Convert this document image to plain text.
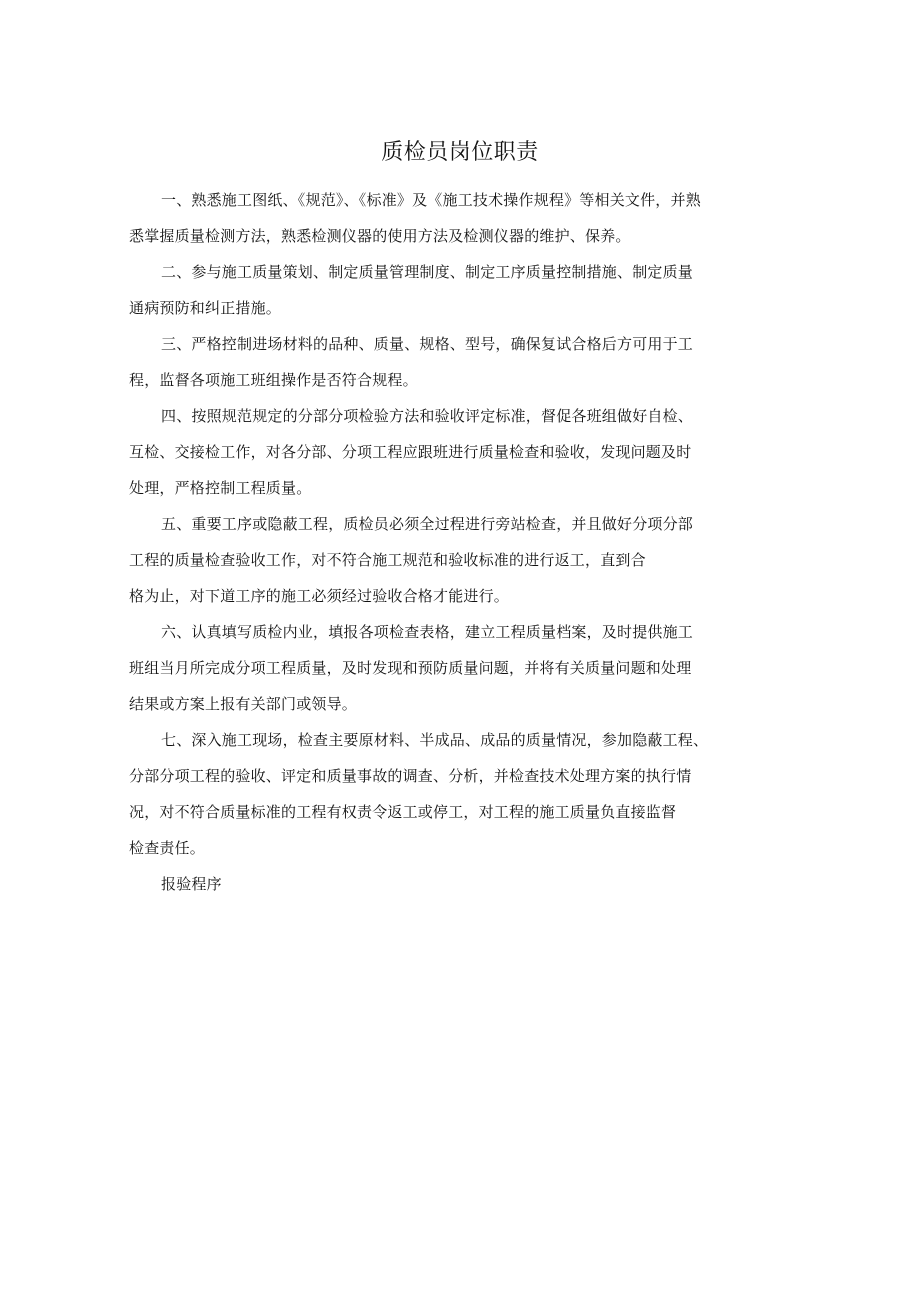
质检员岗位职责
一、熟悉施工图纸、《规范》、《标准》及《施工技术操作规程》等相关文件，并熟
悉掌握质量检测方法，熟悉检测仪器的使用方法及检测仪器的维护、保养。
二、参与施工质量策划、制定质量管理制度、制定工序质量控制措施、制定质量
通病预防和纠正措施。
三、严格控制进场材料的品种、质量、规格、型号，确保复试合格后方可用于工
程，监督各项施工班组操作是否符合规程。
四、按照规范规定的分部分项检验方法和验收评定标准，督促各班组做好自检、
互检、交接检工作，对各分部、分项工程应跟班进行质量检查和验收，发现问题及时
处理，严格控制工程质量。
五、重要工序或隐蔽工程，质检员必须全过程进行旁站检查，并且做好分项分部
工程的质量检查验收工作，对不符合施工规范和验收标准的进行返工，直到合
格为止，对下道工序的施工必须经过验收合格才能进行。
六、认真填写质检内业，填报各项检查表格，建立工程质量档案，及时提供施工
班组当月所完成分项工程质量，及时发现和预防质量问题，并将有关质量问题和处理
结果或方案上报有关部门或领导。
七、深入施工现场，检查主要原材料、半成品、成品的质量情况，参加隐蔽工程、
分部分项工程的验收、评定和质量事故的调查、分析，并检查技术处理方案的执行情
况，对不符合质量标准的工程有权责令返工或停工，对工程的施工质量负直接监督
检查责任。
报验程序
